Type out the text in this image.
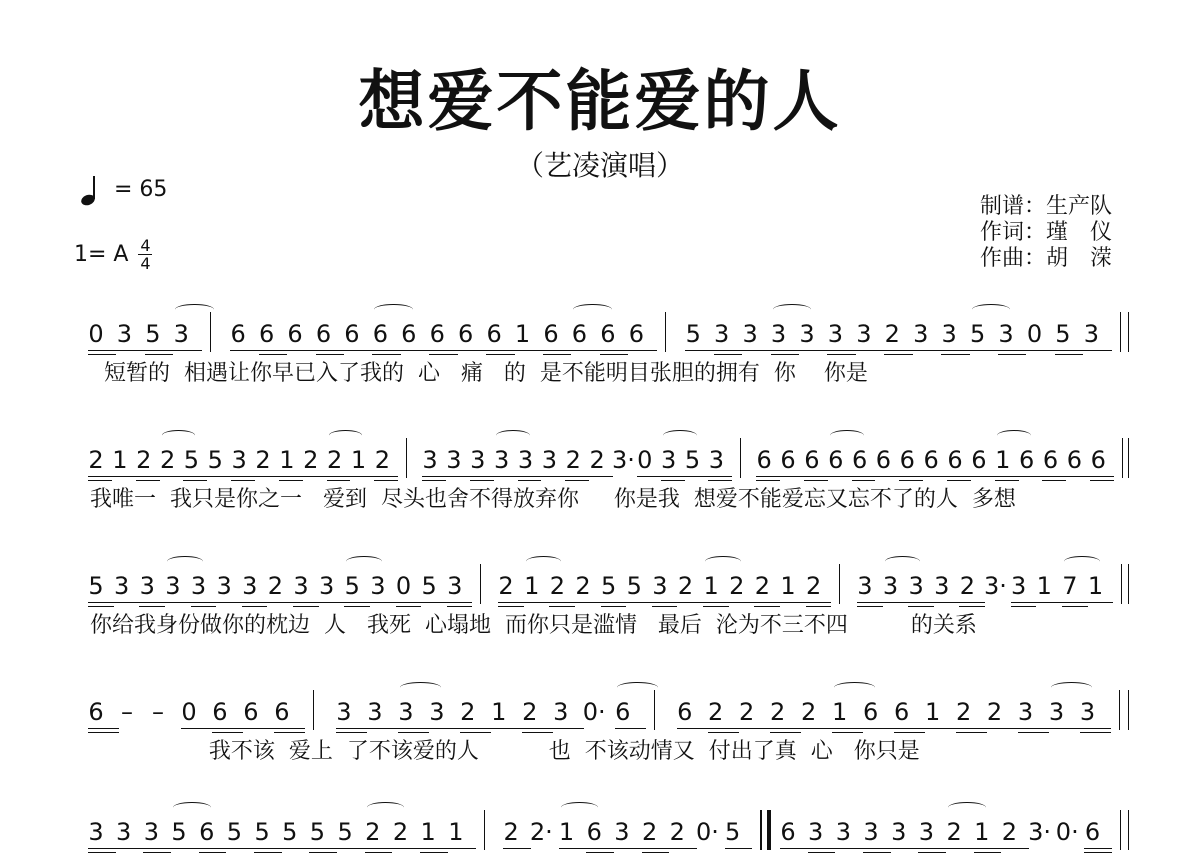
想爱不能爱的人
（艺凌演唱）
= 65
1= A $\frac{4}{4}$
制谱：生产队
作词：瑾　仪
作曲：胡　溁
0 3 5 3 6 6 6 6 6 6 6 6 6 6 1 6 6 6 6 5 3 3 3 3 3 3 2 3 3 5 3 0 5 3
短暂的  相遇让你早已入了我的  心   痛   的  是不能明目张胆的拥有  你    你是
2 1 2 2 5 5 3 2 1 2 2 1 2 3 3 3 3 3 3 2 2 3· 0 3 5 3 6 6 6 6 6 6 6 6 6 6 1 6 6 6 6
我唯一  我只是你之一   爱到  尽头也舍不得放弃你     你是我  想爱不能爱忘又忘不了的人  多想
5 3 3 3 3 3 3 2 3 3 5 3 0 5 3 2 1 2 2 5 5 3 2 1 2 2 1 2 3 3 3 3 2 3· 3 1 7 1
你给我身份做你的枕边  人   我死  心塌地  而你只是滥情   最后  沦为不三不四         的关系
6 – – 0 6 6 6 3 3 3 3 2 1 2 3 0· 6 6 2 2 2 2 1 6 6 1 2 2 3 3 3
我不该  爱上  了不该爱的人          也  不该动情又  付出了真  心   你只是
3 3 3 5 6 5 5 5 5 5 2 2 1 1 2 2· 1 6 3 2 2 0· 5 6 3 3 3 3 3 2 1 2 3· 0· 6
